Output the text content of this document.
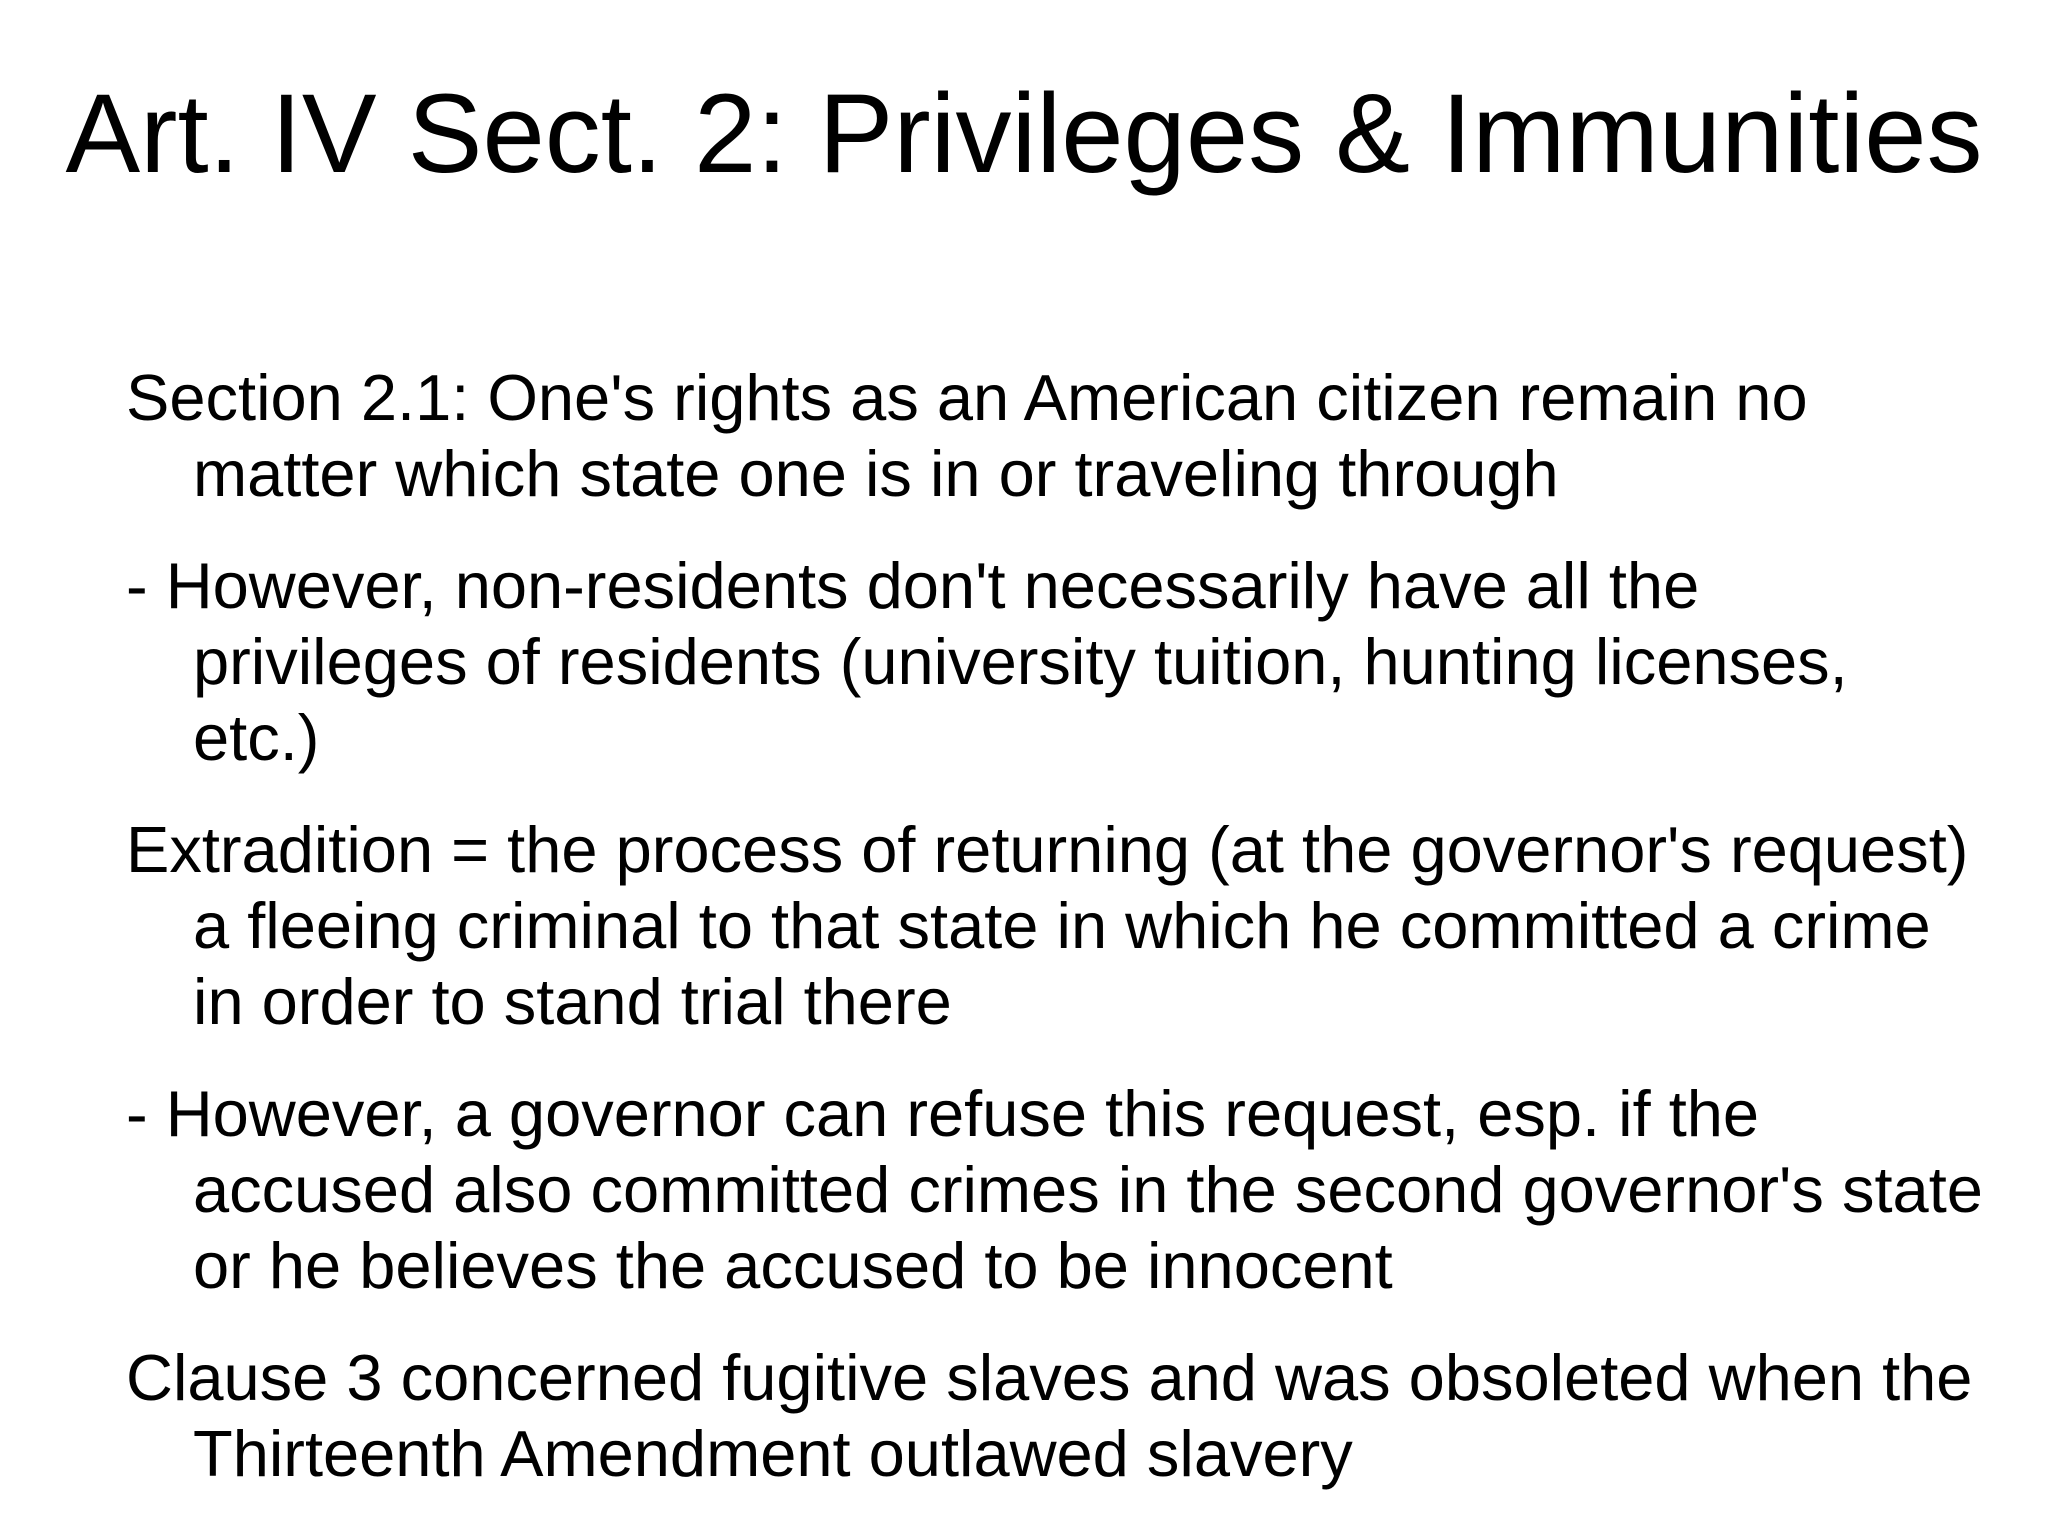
Art. IV Sect. 2: Privileges & Immunities
Section 2.1: One's rights as an American citizen remain no matter which state one is in or traveling through
- However, non-residents don't necessarily have all the privileges of residents (university tuition, hunting licenses, etc.)
Extradition = the process of returning (at the governor's request) a fleeing criminal to that state in which he committed a crime in order to stand trial there
- However, a governor can refuse this request, esp. if the accused also committed crimes in the second governor's state or he believes the accused to be innocent
Clause 3 concerned fugitive slaves and was obsoleted when the Thirteenth Amendment outlawed slavery
